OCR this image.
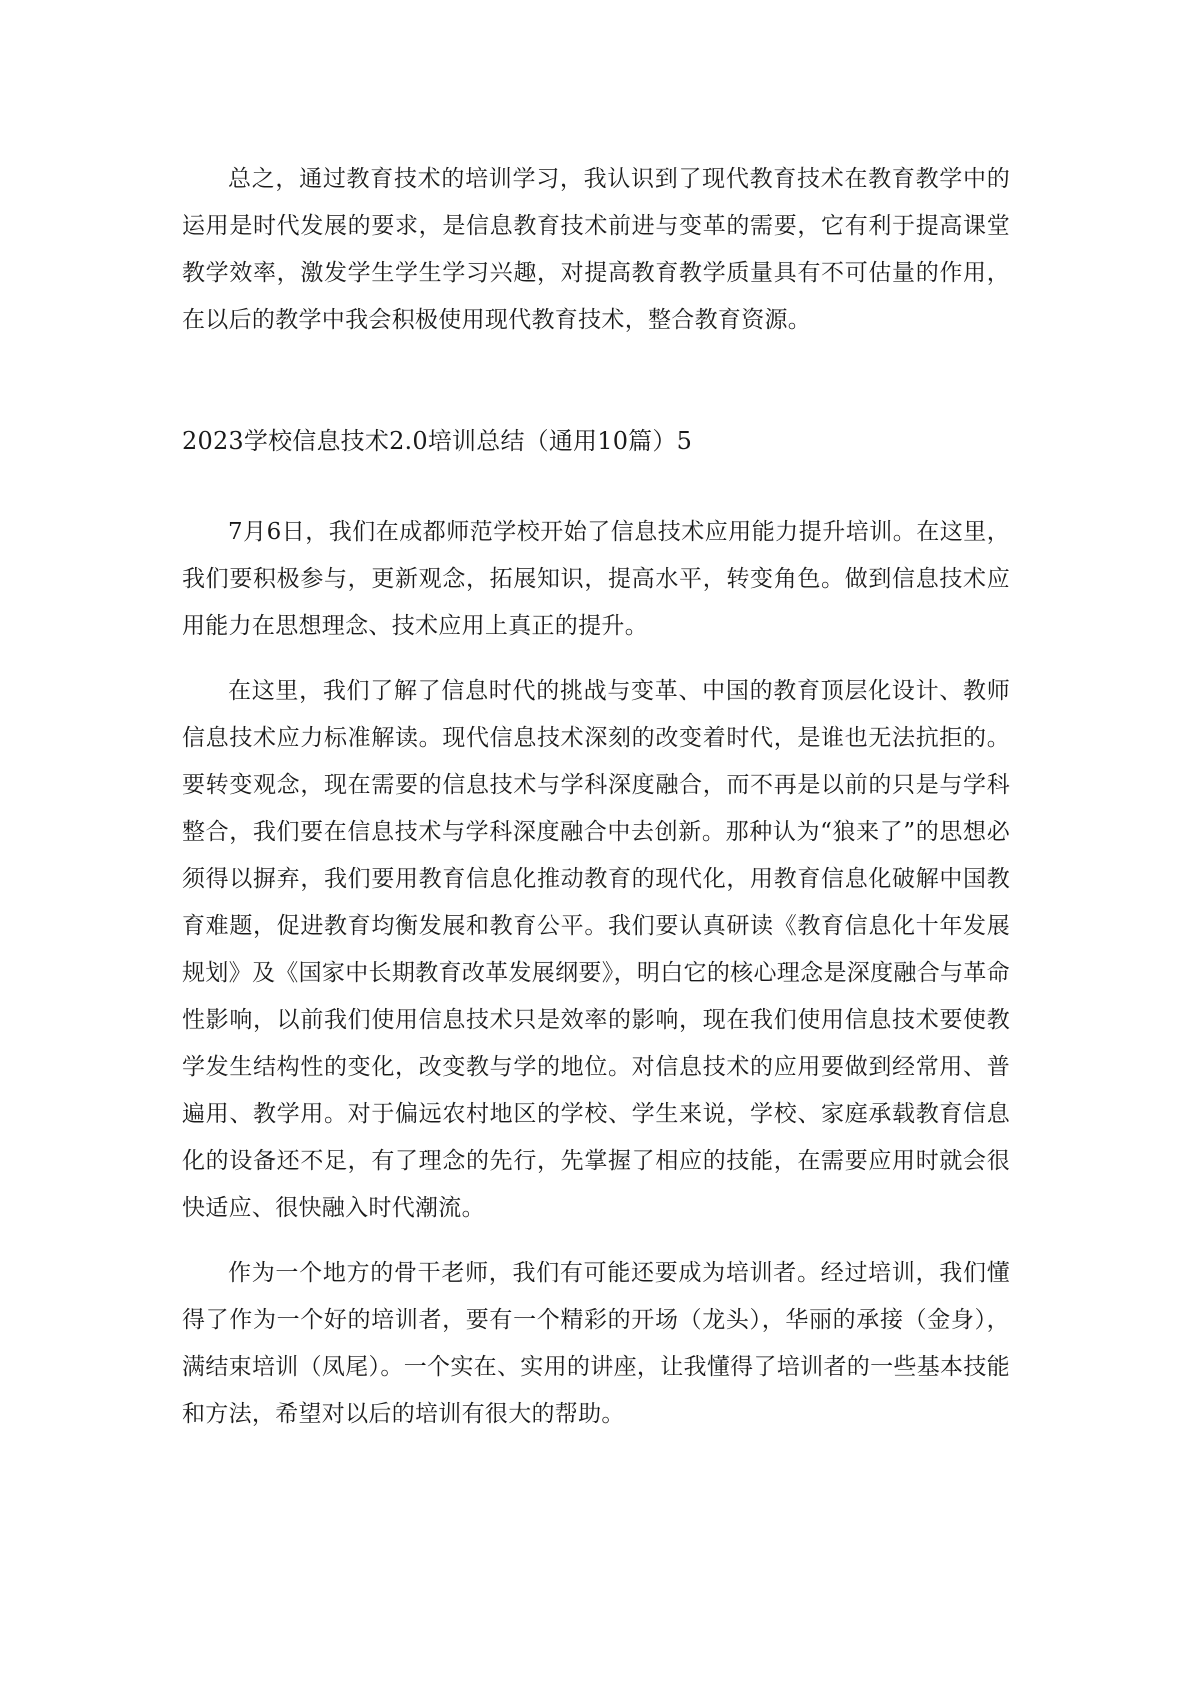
总之，通过教育技术的培训学习，我认识到了现代教育技术在教育教学中的运用是时代发展的要求，是信息教育技术前进与变革的需要，它有利于提高课堂教学效率，激发学生学生学习兴趣，对提高教育教学质量具有不可估量的作用，在以后的教学中我会积极使用现代教育技术，整合教育资源。

2023学校信息技术2.0培训总结（通用10篇）5

7月6日，我们在成都师范学校开始了信息技术应用能力提升培训。在这里，我们要积极参与，更新观念，拓展知识，提高水平，转变角色。做到信息技术应用能力在思想理念、技术应用上真正的提升。

在这里，我们了解了信息时代的挑战与变革、中国的教育顶层化设计、教师信息技术应力标准解读。现代信息技术深刻的改变着时代，是谁也无法抗拒的。要转变观念，现在需要的信息技术与学科深度融合，而不再是以前的只是与学科整合，我们要在信息技术与学科深度融合中去创新。那种认为“狼来了”的思想必须得以摒弃，我们要用教育信息化推动教育的现代化，用教育信息化破解中国教育难题，促进教育均衡发展和教育公平。我们要认真研读《教育信息化十年发展规划》及《国家中长期教育改革发展纲要》，明白它的核心理念是深度融合与革命性影响，以前我们使用信息技术只是效率的影响，现在我们使用信息技术要使教学发生结构性的变化，改变教与学的地位。对信息技术的应用要做到经常用、普遍用、教学用。对于偏远农村地区的学校、学生来说，学校、家庭承载教育信息化的设备还不足，有了理念的先行，先掌握了相应的技能，在需要应用时就会很快适应、很快融入时代潮流。

作为一个地方的骨干老师，我们有可能还要成为培训者。经过培训，我们懂得了作为一个好的培训者，要有一个精彩的开场（龙头），华丽的承接（金身），满结束培训（凤尾）。一个实在、实用的讲座，让我懂得了培训者的一些基本技能和方法，希望对以后的培训有很大的帮助。
